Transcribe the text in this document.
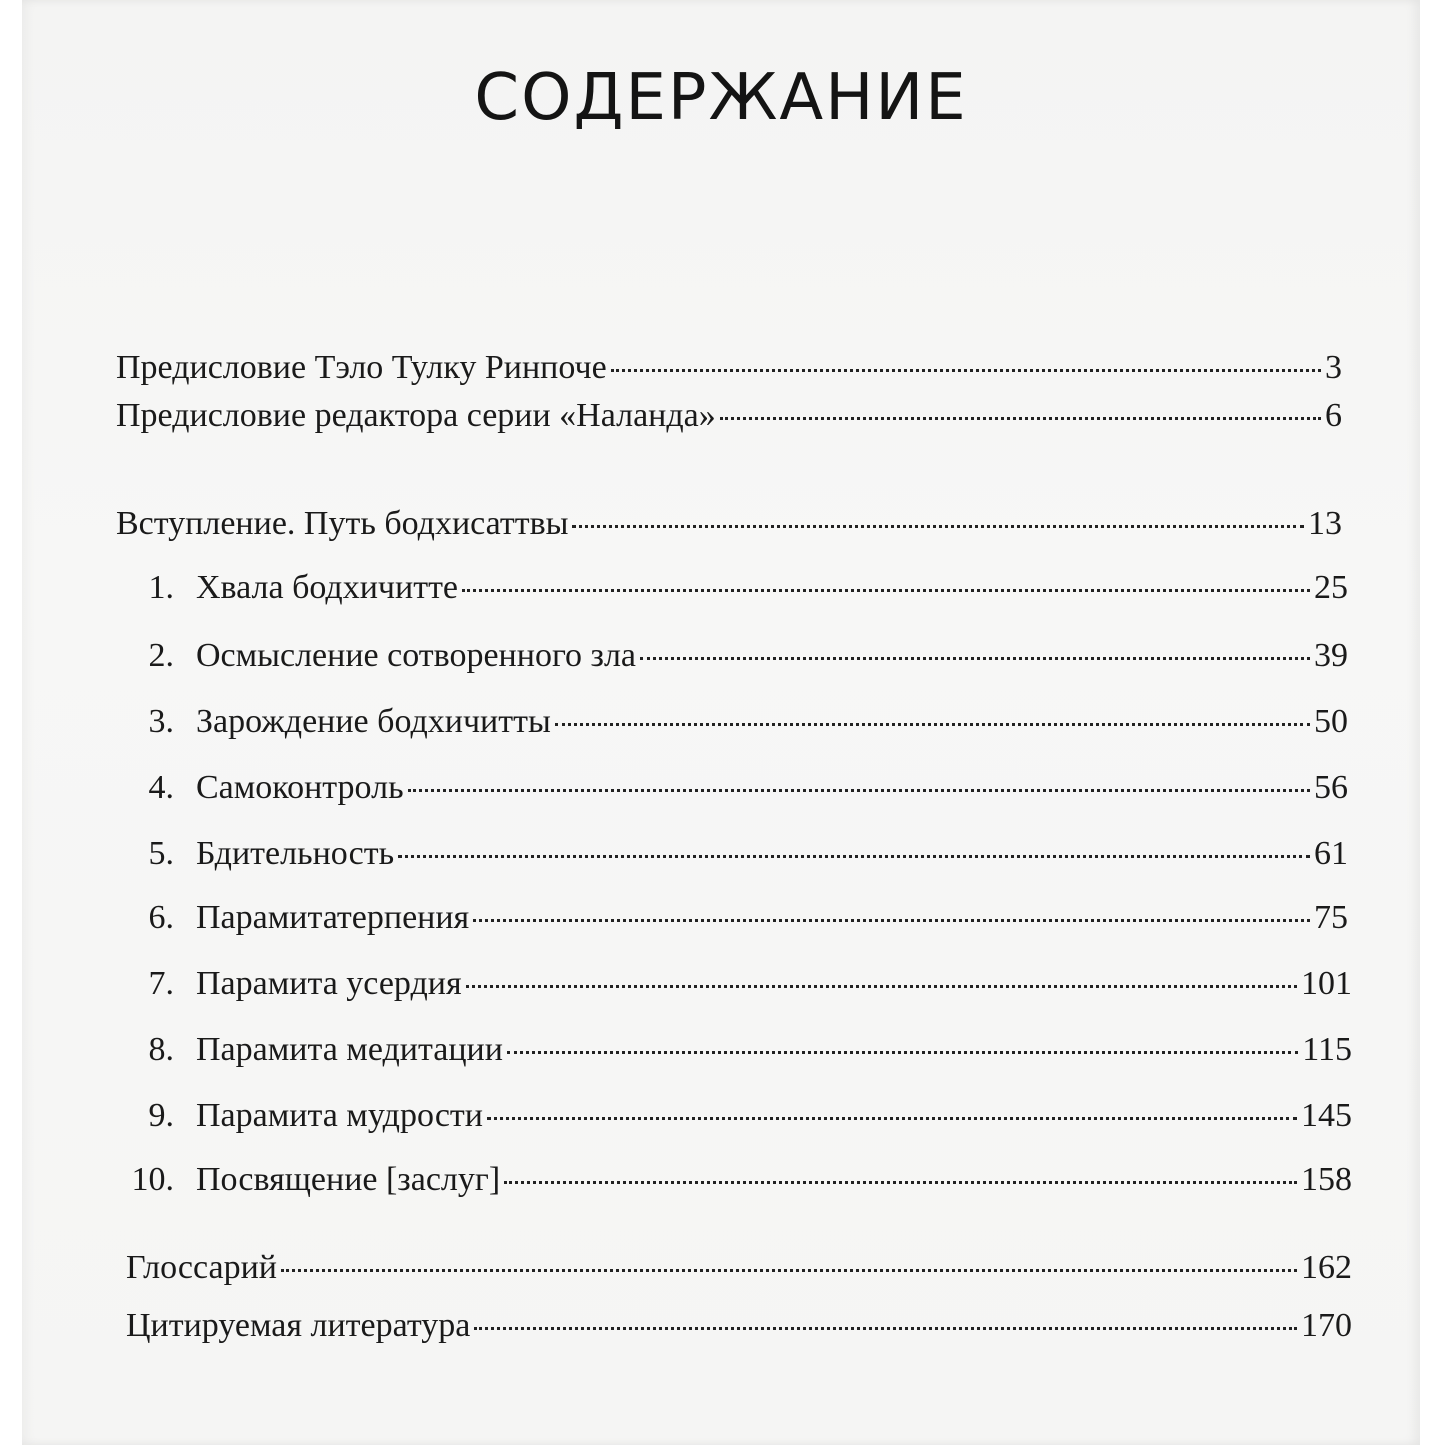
СОДЕРЖАНИЕ
Предисловие Тэло Тулку Ринпоче	3
Предисловие редактора серии «Наланда»	6
Вступление. Путь бодхисаттвы	13
1. Хвала бодхичитте	25
2. Осмысление сотворенного зла	39
3. Зарождение бодхичитты	50
4. Самоконтроль	56
5. Бдительность	61
6. Парамитатерпения	75
7. Парамита усердия	101
8. Парамита медитации	115
9. Парамита мудрости	145
10. Посвящение [заслуг]	158
Глоссарий	162
Цитируемая литература	170
